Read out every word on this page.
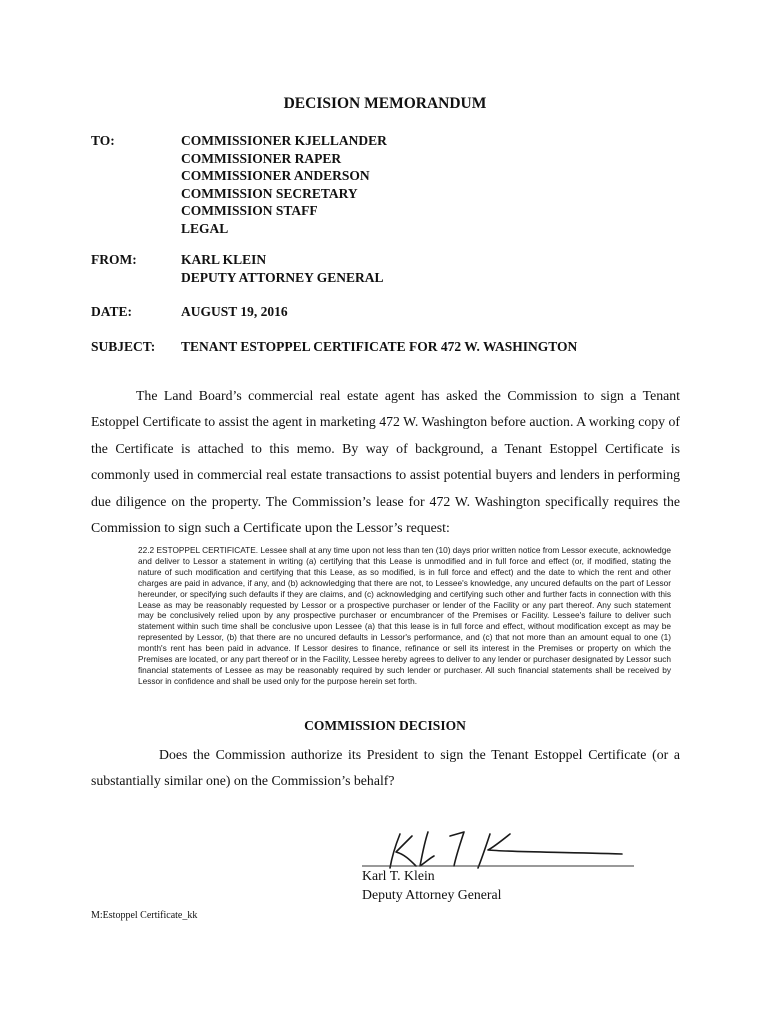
DECISION MEMORANDUM
TO:	COMMISSIONER KJELLANDER
COMMISSIONER RAPER
COMMISSIONER ANDERSON
COMMISSION SECRETARY
COMMISSION STAFF
LEGAL
FROM:	KARL KLEIN
DEPUTY ATTORNEY GENERAL
DATE:	AUGUST 19, 2016
SUBJECT: TENANT ESTOPPEL CERTIFICATE FOR 472 W. WASHINGTON

The Land Board’s commercial real estate agent has asked the Commission to sign a Tenant Estoppel Certificate to assist the agent in marketing 472 W. Washington before auction. A working copy of the Certificate is attached to this memo. By way of background, a Tenant Estoppel Certificate is commonly used in commercial real estate transactions to assist potential buyers and lenders in performing due diligence on the property. The Commission’s lease for 472 W. Washington specifically requires the Commission to sign such a Certificate upon the Lessor’s request:

22.2 ESTOPPEL CERTIFICATE. Lessee shall at any time upon not less than ten (10) days prior written notice from Lessor execute, acknowledge and deliver to Lessor a statement in writing (a) certifying that this Lease is unmodified and in full force and effect (or, if modified, stating the nature of such modification and certifying that this Lease, as so modified, is in full force and effect) and the date to which the rent and other charges are paid in advance, if any, and (b) acknowledging that there are not, to Lessee's knowledge, any uncured defaults on the part of Lessor hereunder, or specifying such defaults if they are claims, and (c) acknowledging and certifying such other and further facts in connection with this Lease as may be reasonably requested by Lessor or a prospective purchaser or lender of the Facility or any part thereof. Any such statement may be conclusively relied upon by any prospective purchaser or encumbrancer of the Premises or Facility. Lessee's failure to deliver such statement within such time shall be conclusive upon Lessee (a) that this lease is in full force and effect, without modification except as may be represented by Lessor, (b) that there are no uncured defaults in Lessor's performance, and (c) that not more than an amount equal to one (1) month's rent has been paid in advance. If Lessor desires to finance, refinance or sell its interest in the Premises or property on which the Premises are located, or any part thereof or in the Facility, Lessee hereby agrees to deliver to any lender or purchaser designated by Lessor such financial statements of Lessee as may be reasonably required by such lender or purchaser. All such financial statements shall be received by Lessor in confidence and shall be used only for the purpose herein set forth.

COMMISSION DECISION

Does the Commission authorize its President to sign the Tenant Estoppel Certificate (or a substantially similar one) on the Commission’s behalf?

Karl T. Klein
Deputy Attorney General
M:Estoppel Certificate_kk
